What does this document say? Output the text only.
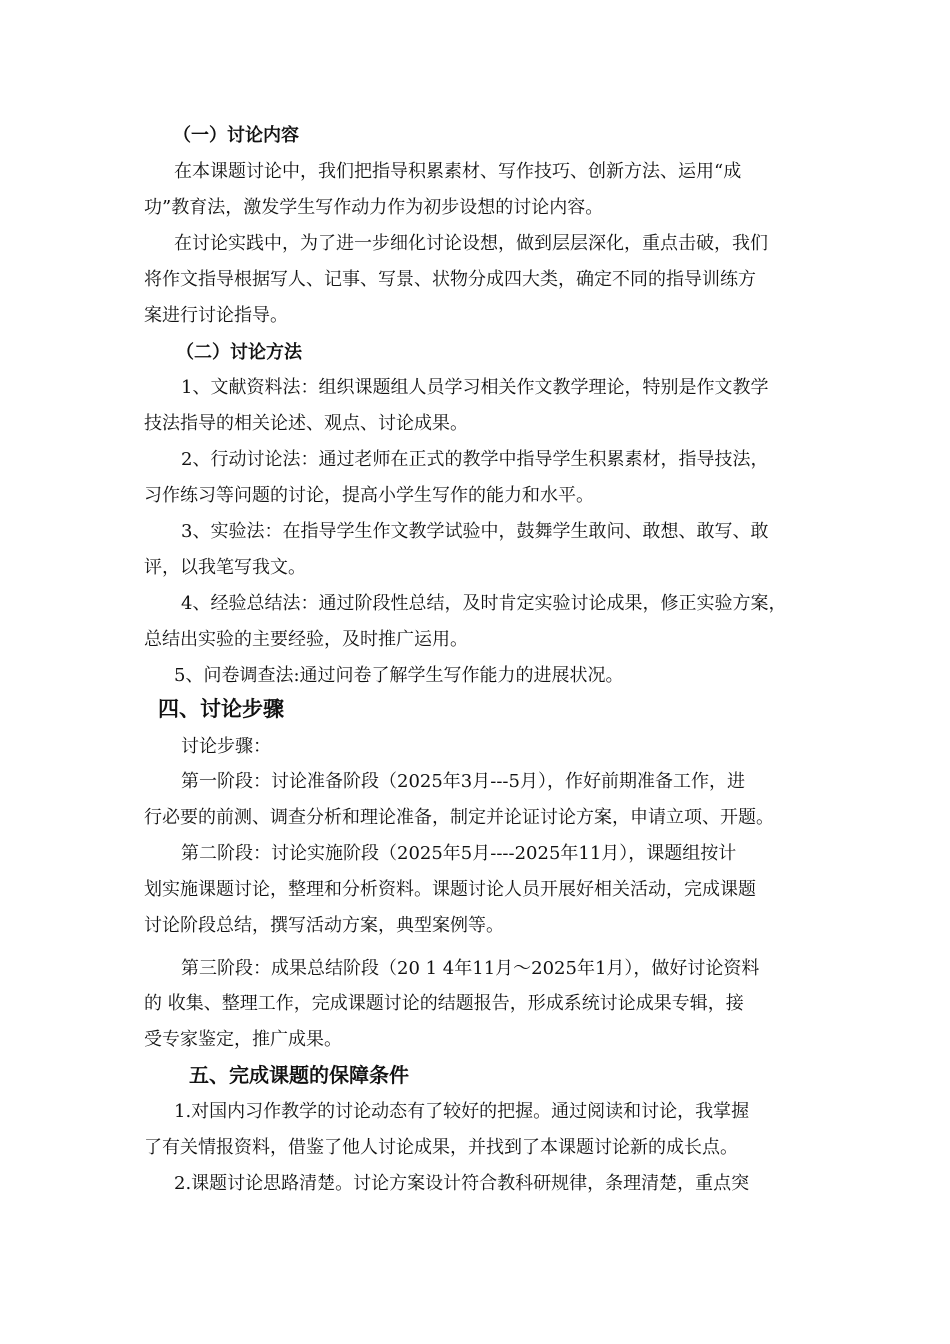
（一）讨论内容
在本课题讨论中，我们把指导积累素材、写作技巧、创新方法、运用“成
功”教育法，激发学生写作动力作为初步设想的讨论内容。
在讨论实践中，为了进一步细化讨论设想，做到层层深化，重点击破，我们
将作文指导根据写人、记事、写景、状物分成四大类，确定不同的指导训练方
案进行讨论指导。
（二）讨论方法
1、文献资料法：组织课题组人员学习相关作文教学理论，特别是作文教学
技法指导的相关论述、观点、讨论成果。
2、行动讨论法：通过老师在正式的教学中指导学生积累素材，指导技法，
习作练习等问题的讨论，提高小学生写作的能力和水平。
3、实验法：在指导学生作文教学试验中，鼓舞学生敢问、敢想、敢写、敢
评，以我笔写我文。
4、经验总结法：通过阶段性总结，及时肯定实验讨论成果，修正实验方案，
总结出实验的主要经验，及时推广运用。
5、问卷调查法:通过问卷了解学生写作能力的进展状况。
四、讨论步骤
讨论步骤：
第一阶段：讨论准备阶段（2025年3月---5月），作好前期准备工作，进
行必要的前测、调查分析和理论准备，制定并论证讨论方案，申请立项、开题。
第二阶段：讨论实施阶段（2025年5月----2025年11月），课题组按计
划实施课题讨论，整理和分析资料。课题讨论人员开展好相关活动，完成课题
讨论阶段总结，撰写活动方案，典型案例等。
第三阶段：成果总结阶段（20 1 4年11月～2025年1月），做好讨论资料
的 收集、整理工作，完成课题讨论的结题报告，形成系统讨论成果专辑，接
受专家鉴定，推广成果。
五、完成课题的保障条件
1.对国内习作教学的讨论动态有了较好的把握。通过阅读和讨论，我掌握
了有关情报资料，借鉴了他人讨论成果，并找到了本课题讨论新的成长点。
2.课题讨论思路清楚。讨论方案设计符合教科研规律，条理清楚，重点突
